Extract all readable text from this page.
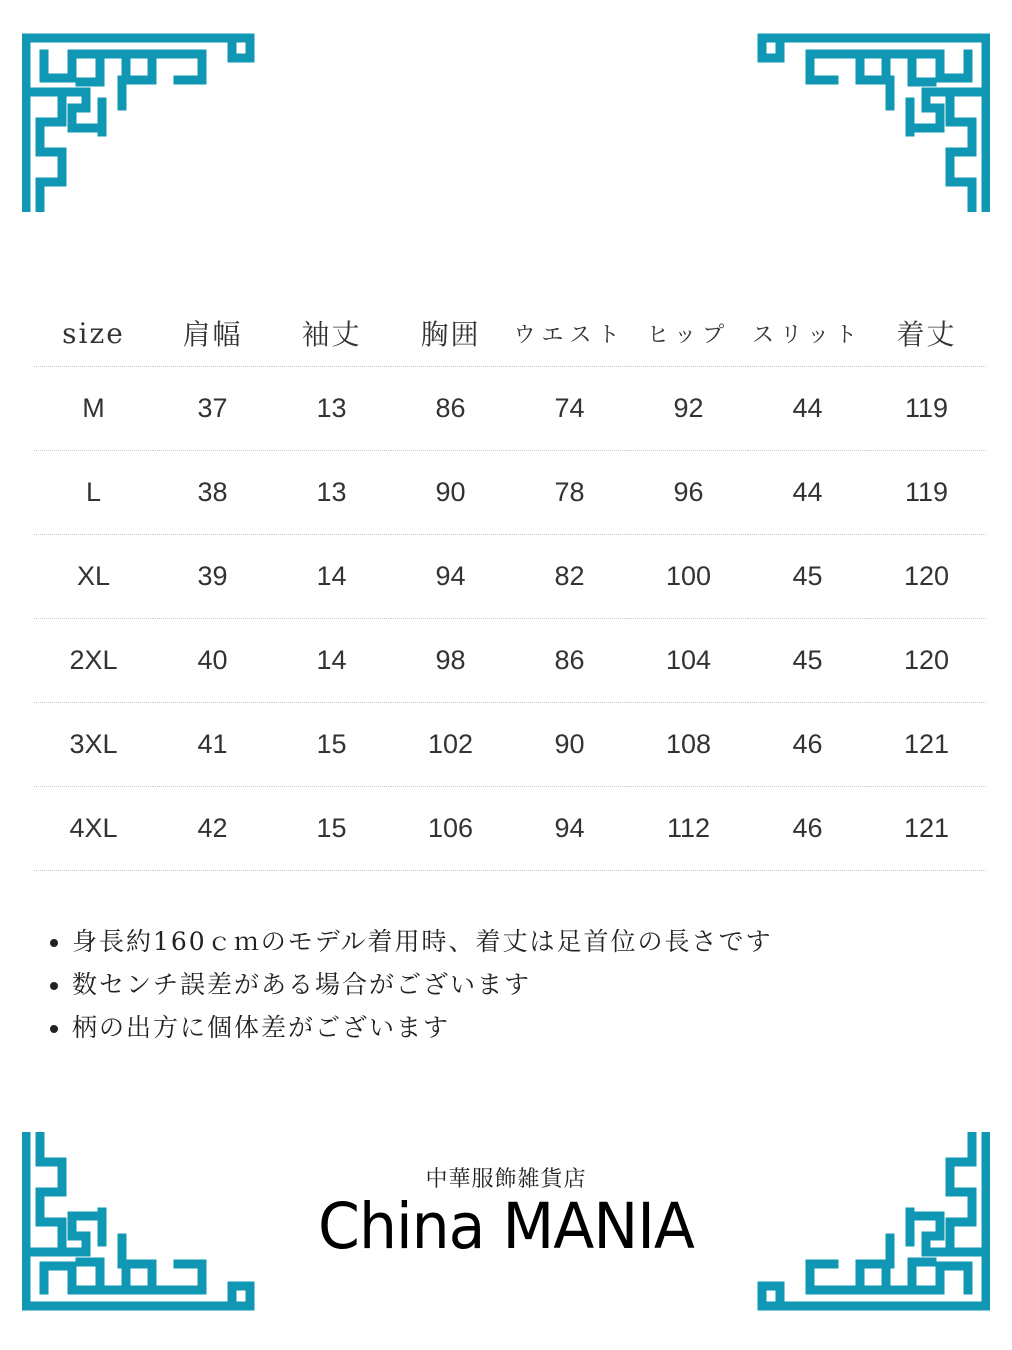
size	肩幅	袖丈	胸囲	ウエスト	ヒップ	スリット	着丈
M	37	13	86	74	92	44	119
L	38	13	90	78	96	44	119
XL	39	14	94	82	100	45	120
2XL	40	14	98	86	104	45	120
3XL	41	15	102	90	108	46	121
4XL	42	15	106	94	112	46	121
• 身長約160ｃｍのモデル着用時、着丈は足首位の長さです
• 数センチ誤差がある場合がございます
• 柄の出方に個体差がございます
中華服飾雑貨店
China MANIA
